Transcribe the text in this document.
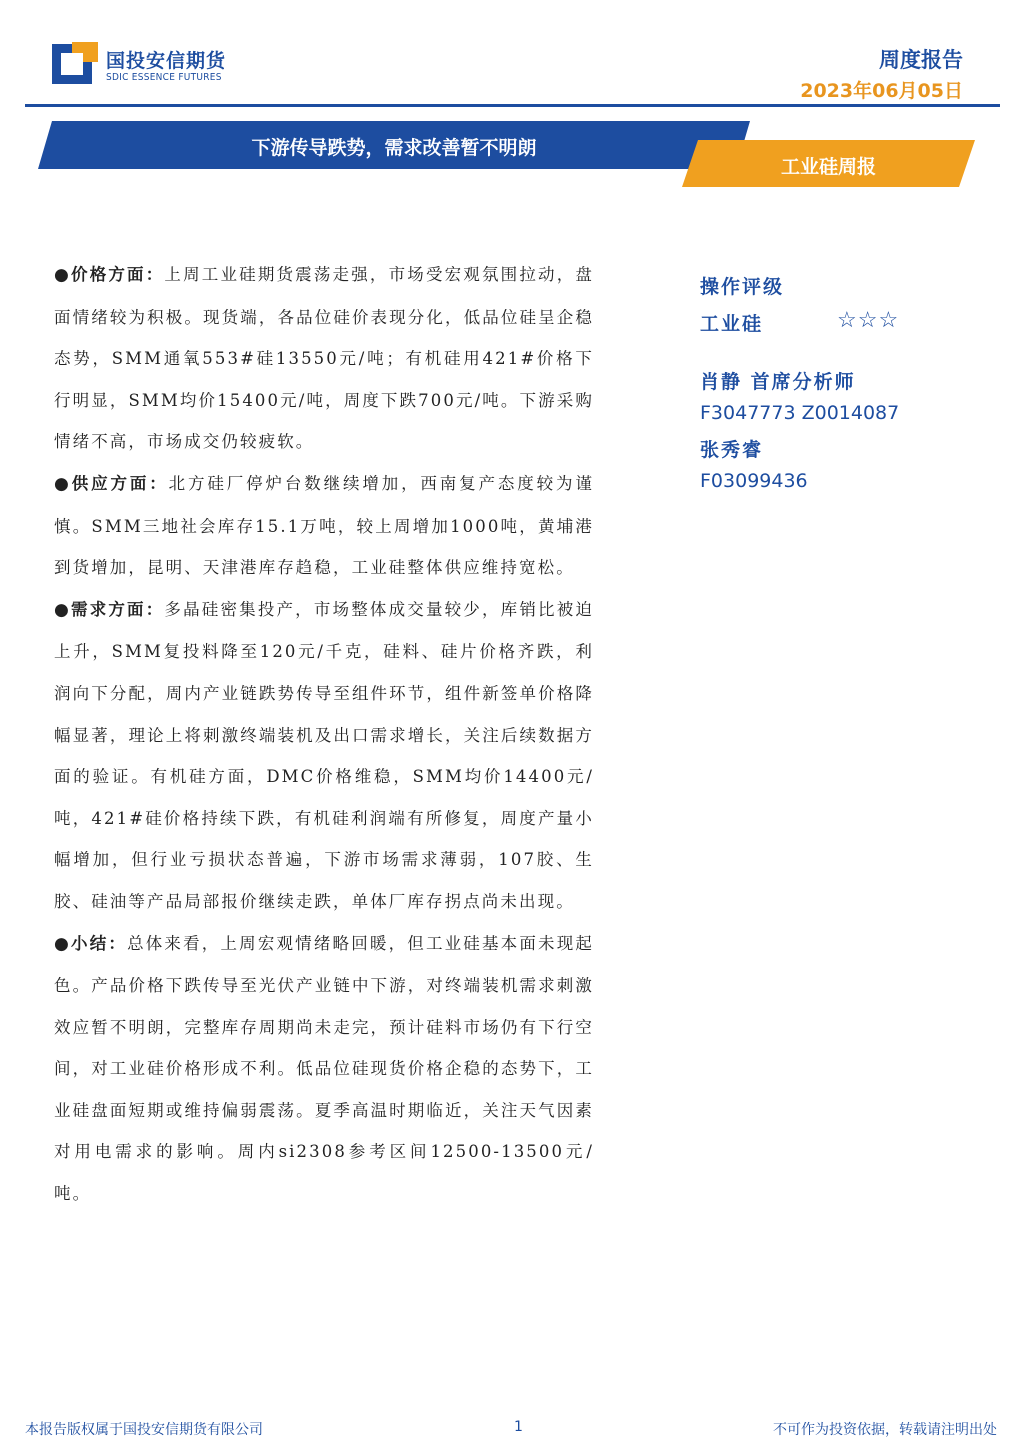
国投安信期货
SDIC ESSENCE FUTURES
周度报告
2023年06月05日
下游传导跌势，需求改善暂不明朗
工业硅周报

●价格方面：上周工业硅期货震荡走强，市场受宏观氛围拉动，盘面情绪较为积极。现货端，各品位硅价表现分化，低品位硅呈企稳态势，SMM通氧553#硅13550元/吨；有机硅用421#价格下行明显，SMM均价15400元/吨，周度下跌700元/吨。下游采购情绪不高，市场成交仍较疲软。

●供应方面：北方硅厂停炉台数继续增加，西南复产态度较为谨慎。SMM三地社会库存15.1万吨，较上周增加1000吨，黄埔港到货增加，昆明、天津港库存趋稳，工业硅整体供应维持宽松。

●需求方面：多晶硅密集投产，市场整体成交量较少，库销比被迫上升，SMM复投料降至120元/千克，硅料、硅片价格齐跌，利润向下分配，周内产业链跌势传导至组件环节，组件新签单价格降幅显著，理论上将刺激终端装机及出口需求增长，关注后续数据方面的验证。有机硅方面，DMC价格维稳，SMM均价14400元/吨，421#硅价格持续下跌，有机硅利润端有所修复，周度产量小幅增加，但行业亏损状态普遍，下游市场需求薄弱，107胶、生胶、硅油等产品局部报价继续走跌，单体厂库存拐点尚未出现。

●小结：总体来看，上周宏观情绪略回暖，但工业硅基本面未现起色。产品价格下跌传导至光伏产业链中下游，对终端装机需求刺激效应暂不明朗，完整库存周期尚未走完，预计硅料市场仍有下行空间，对工业硅价格形成不利。低品位硅现货价格企稳的态势下，工业硅盘面短期或维持偏弱震荡。夏季高温时期临近，关注天气因素对用电需求的影响。周内si2308参考区间12500-13500元/吨。

操作评级
工业硅	☆☆☆
肖静 首席分析师
F3047773 Z0014087
张秀睿
F03099436
本报告版权属于国投安信期货有限公司	1	不可作为投资依据，转载请注明出处
